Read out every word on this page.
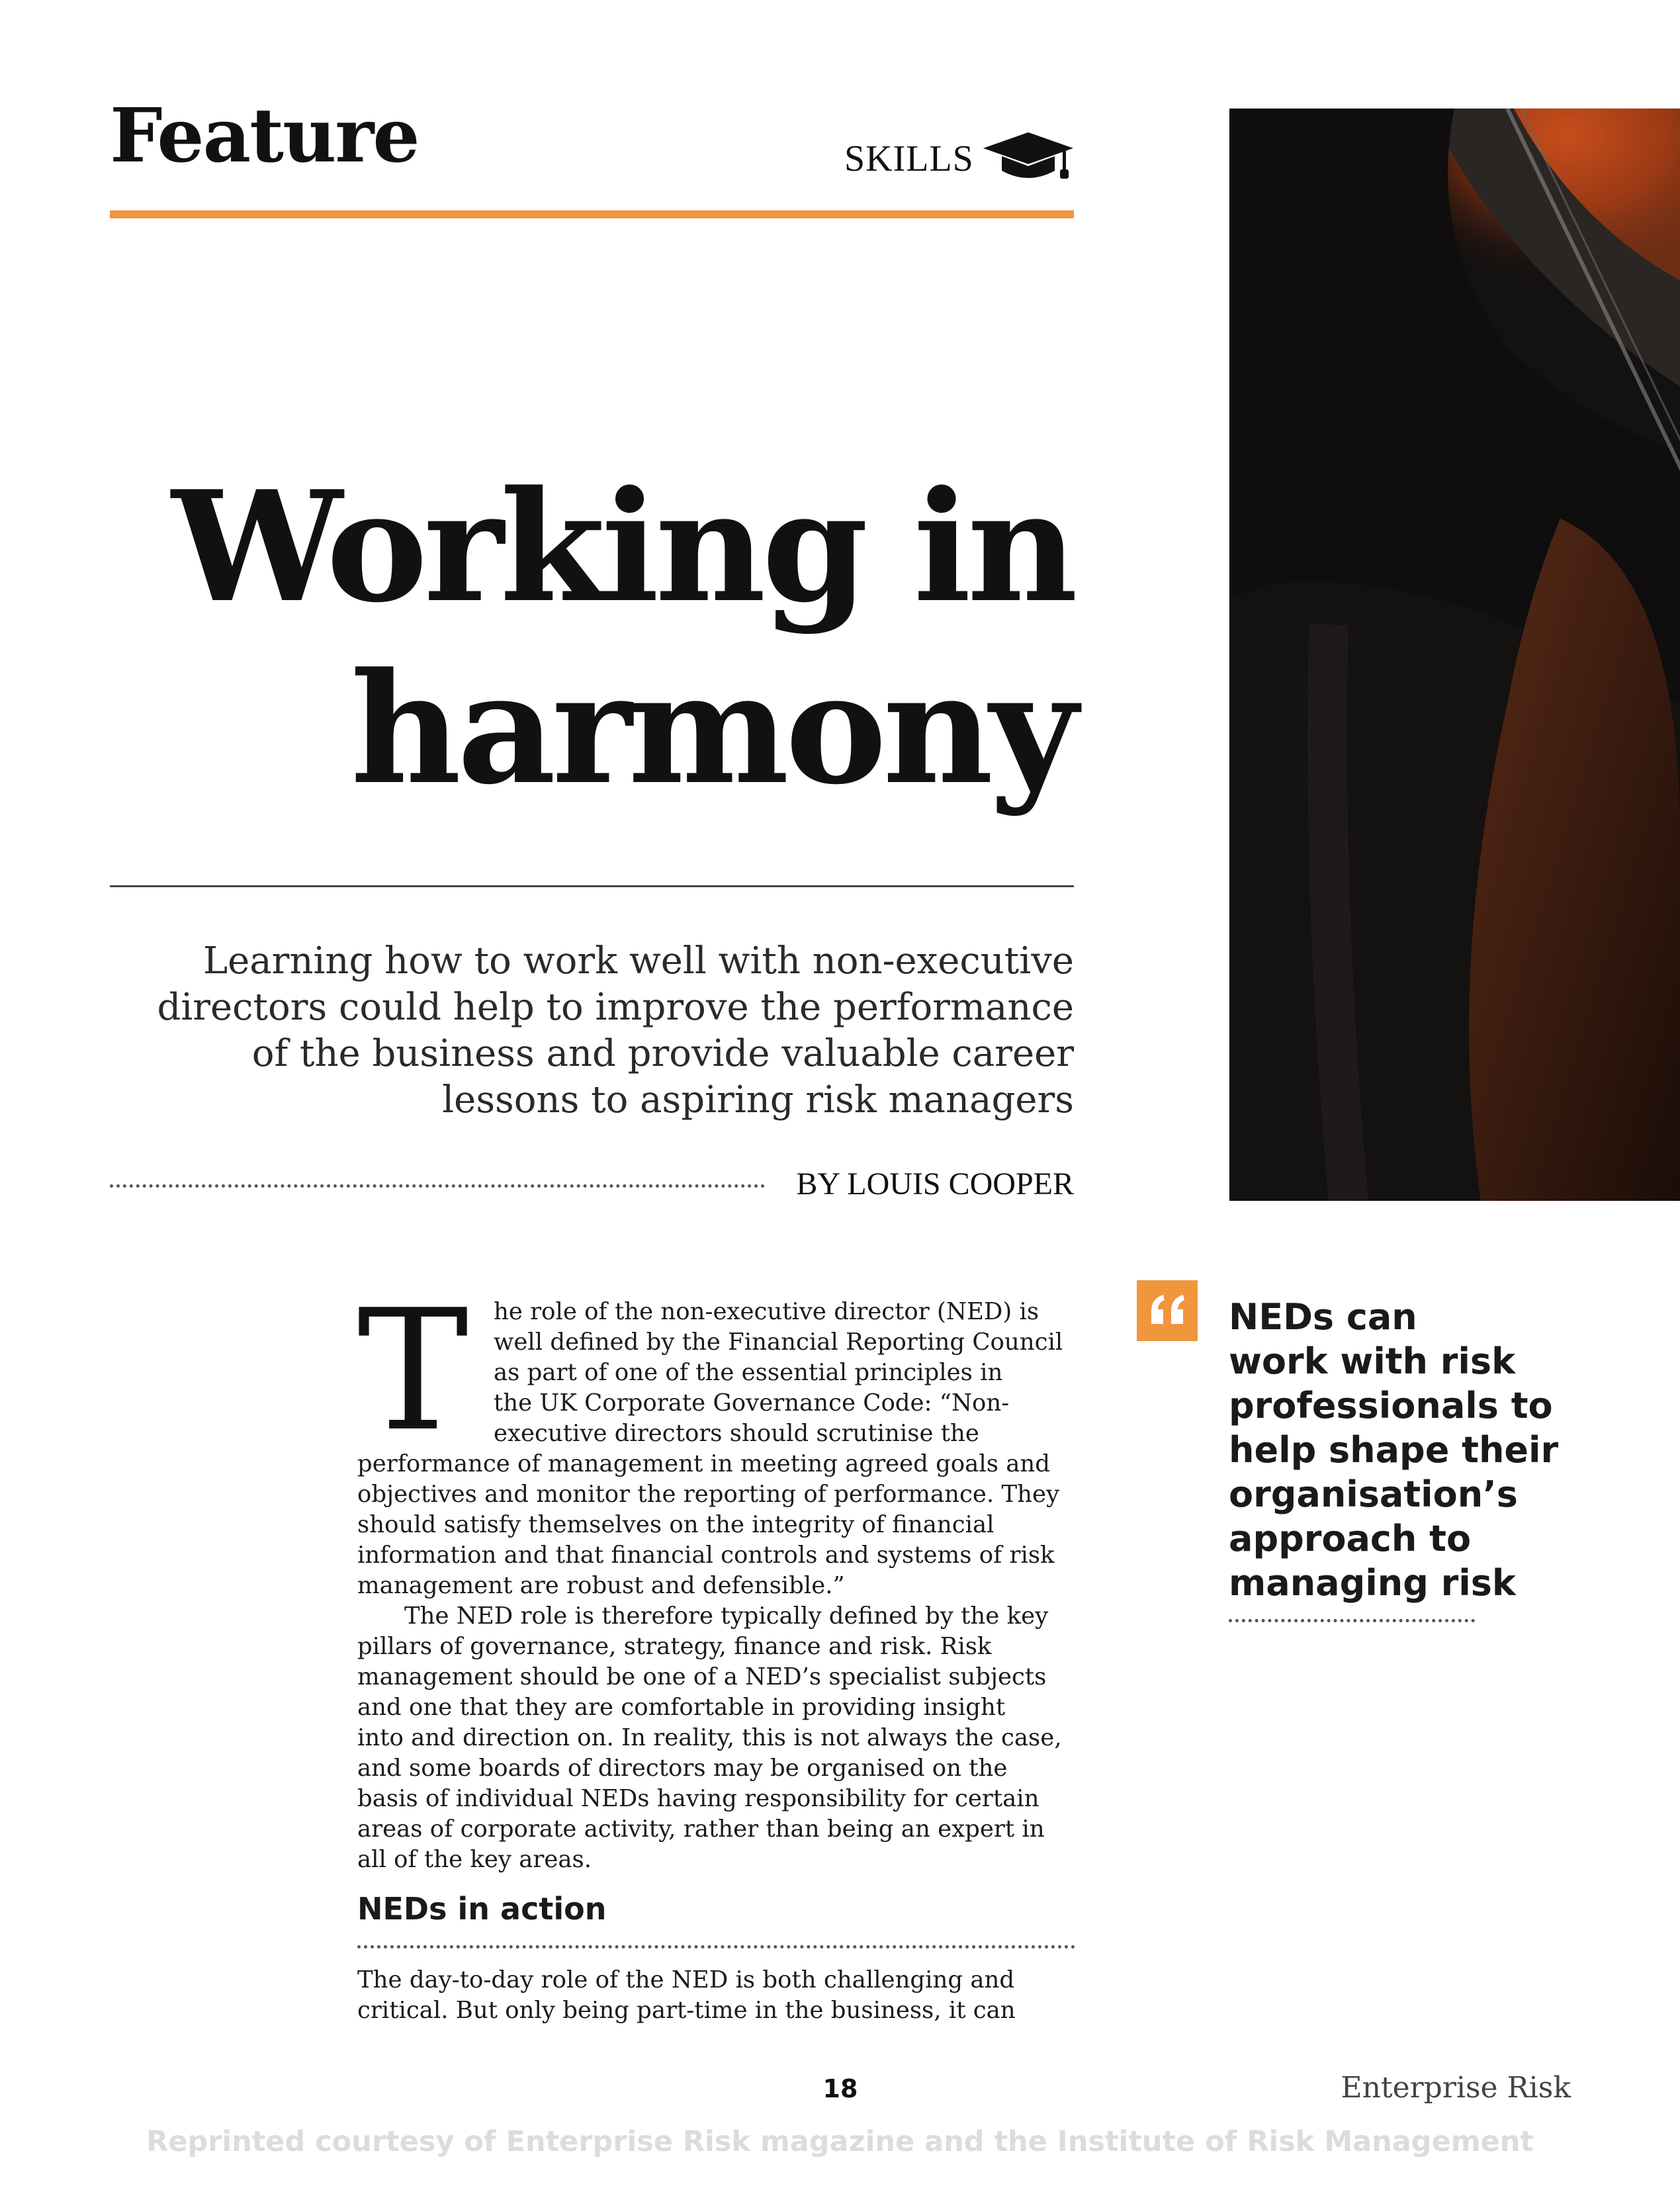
Feature	SKILLS
Working in
harmony

Learning how to work well with non-executive
directors could help to improve the performance
of the business and provide valuable career
lessons to aspiring risk managers

BY LOUIS COOPER
T	he role of the non-executive director (NED) is
well defined by the Financial Reporting Council
as part of one of the essential principles in
the UK Corporate Governance Code: “Non-
executive directors should scrutinise the
performance of management in meeting agreed goals and
objectives and monitor the reporting of performance. They
should satisfy themselves on the integrity of financial
information and that financial controls and systems of risk
management are robust and defensible.”

The NED role is therefore typically defined by the key
pillars of governance, strategy, finance and risk. Risk
management should be one of a NED’s specialist subjects
and one that they are comfortable in providing insight
into and direction on. In reality, this is not always the case,
and some boards of directors may be organised on the
basis of individual NEDs having responsibility for certain
areas of corporate activity, rather than being an expert in
all of the key areas.

NEDs in action

The day-to-day role of the NED is both challenging and
critical. But only being part-time in the business, it can

NEDs can
work with risk
professionals to
help shape their
organisation’s
approach to
managing risk

18	Enterprise Risk
Reprinted courtesy of Enterprise Risk magazine and the Institute of Risk Management
